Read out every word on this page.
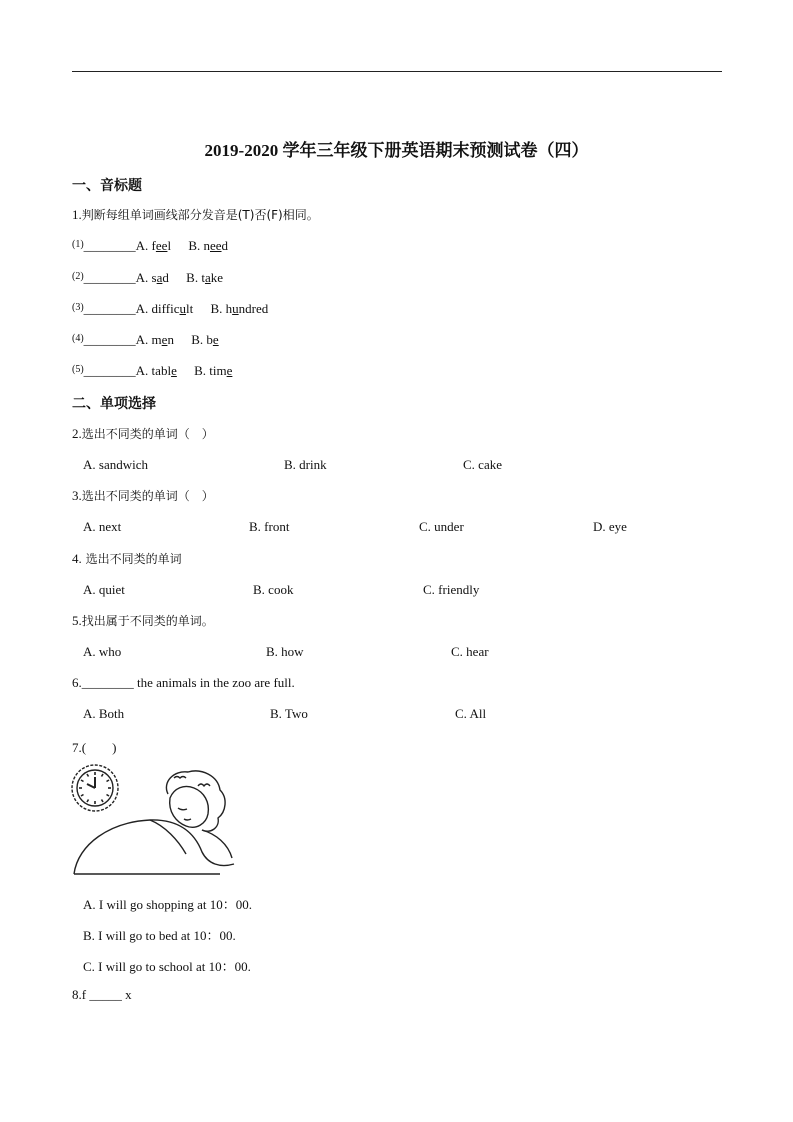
2019-2020 学年三年级下册英语期末预测试卷（四）
一、音标题
1.判断每组单词画线部分发音是(T)否(F)相同。
$^{(1)}$________A. feel B. need
$^{(2)}$________A. sad B. take
$^{(3)}$________A. difficult B. hundred
$^{(4)}$________A. men B. be
$^{(5)}$________A. table B. time
二、单项选择
2.选出不同类的单词（　）
A. sandwich	B. drink	C. cake
3.选出不同类的单词（　）
A. next	B. front	C. under	D. eye
4. 选出不同类的单词
A. quiet	B. cook	C. friendly
5.找出属于不同类的单词。
A. who	B. how	C. hear
6.________ the animals in the zoo are full.
A. Both	B. Two	C. All
7.(　　)
A. I will go shopping at 10：00.
B. I will go to bed at 10：00.
C. I will go to school at 10：00.
8.f _____ x
